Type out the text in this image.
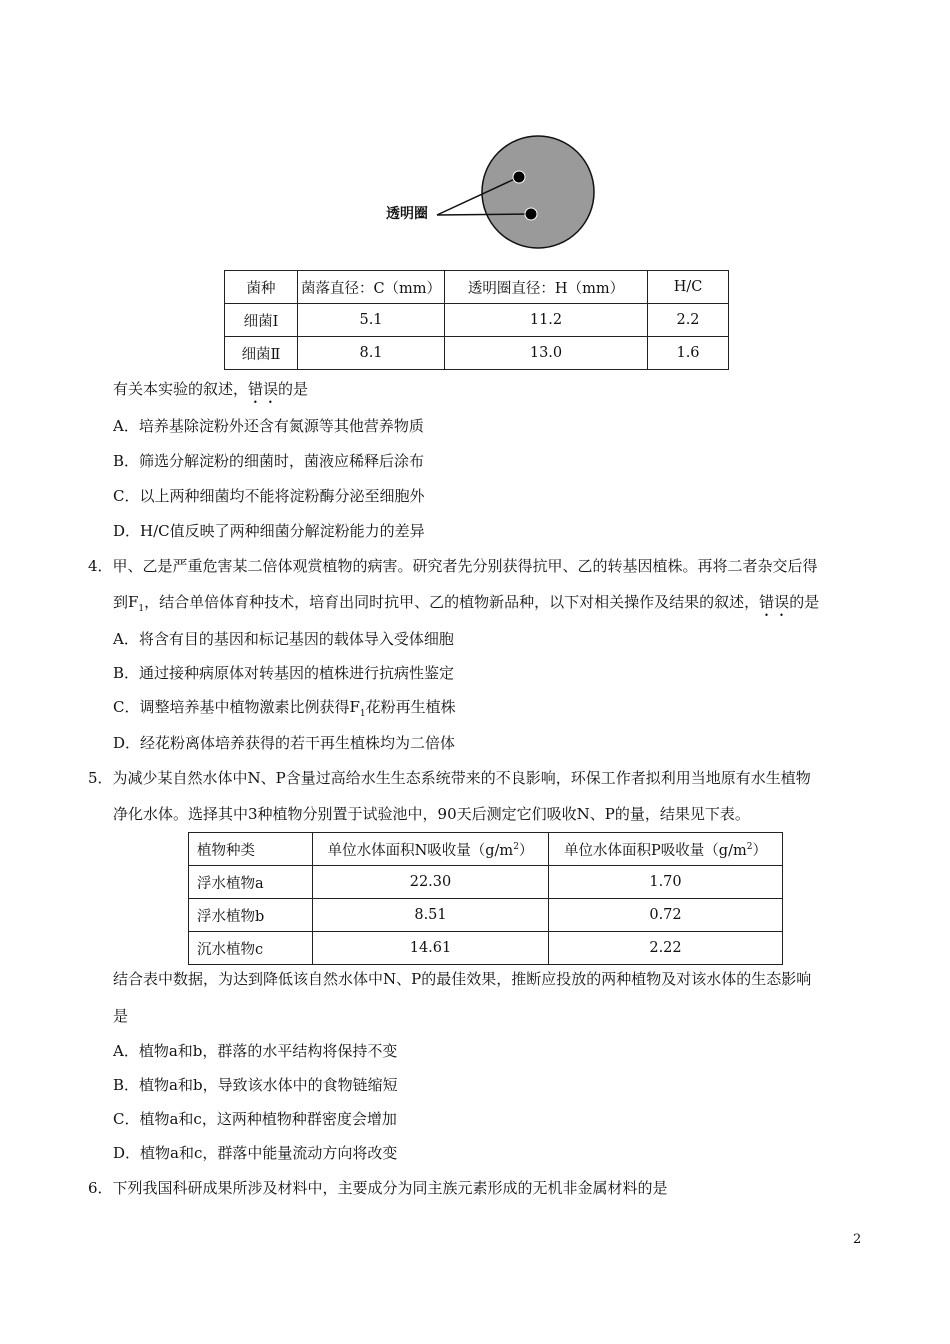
透明圈
菌种	菌落直径：C（mm）	透明圈直径：H（mm）	H/C
细菌Ⅰ	5.1	11.2	2.2
细菌Ⅱ	8.1	13.0	1.6
有关本实验的叙述，错误的是
A．培养基除淀粉外还含有氮源等其他营养物质
B．筛选分解淀粉的细菌时，菌液应稀释后涂布
C．以上两种细菌均不能将淀粉酶分泌至细胞外
D．H/C值反映了两种细菌分解淀粉能力的差异
4．甲、乙是严重危害某二倍体观赏植物的病害。研究者先分别获得抗甲、乙的转基因植株。再将二者杂交后得
到$F_1$，结合单倍体育种技术，培育出同时抗甲、乙的植物新品种，以下对相关操作及结果的叙述，错误的是
A．将含有目的基因和标记基因的载体导入受体细胞
B．通过接种病原体对转基因的植株进行抗病性鉴定
C．调整培养基中植物激素比例获得$F_1$花粉再生植株
D．经花粉离体培养获得的若干再生植株均为二倍体
5．为减少某自然水体中N、P含量过高给水生生态系统带来的不良影响，环保工作者拟利用当地原有水生植物
净化水体。选择其中3种植物分别置于试验池中，90天后测定它们吸收N、P的量，结果见下表。
植物种类	单位水体面积N吸收量$(g/m^2)$	单位水体面积P吸收量$(g/m^2)$
浮水植物a	22.30	1.70
浮水植物b	8.51	0.72
沉水植物c	14.61	2.22
结合表中数据，为达到降低该自然水体中N、P的最佳效果，推断应投放的两种植物及对该水体的生态影响
是
A．植物a和b，群落的水平结构将保持不变
B．植物a和b，导致该水体中的食物链缩短
C．植物a和c，这两种植物种群密度会增加
D．植物a和c，群落中能量流动方向将改变
6．下列我国科研成果所涉及材料中，主要成分为同主族元素形成的无机非金属材料的是
2
